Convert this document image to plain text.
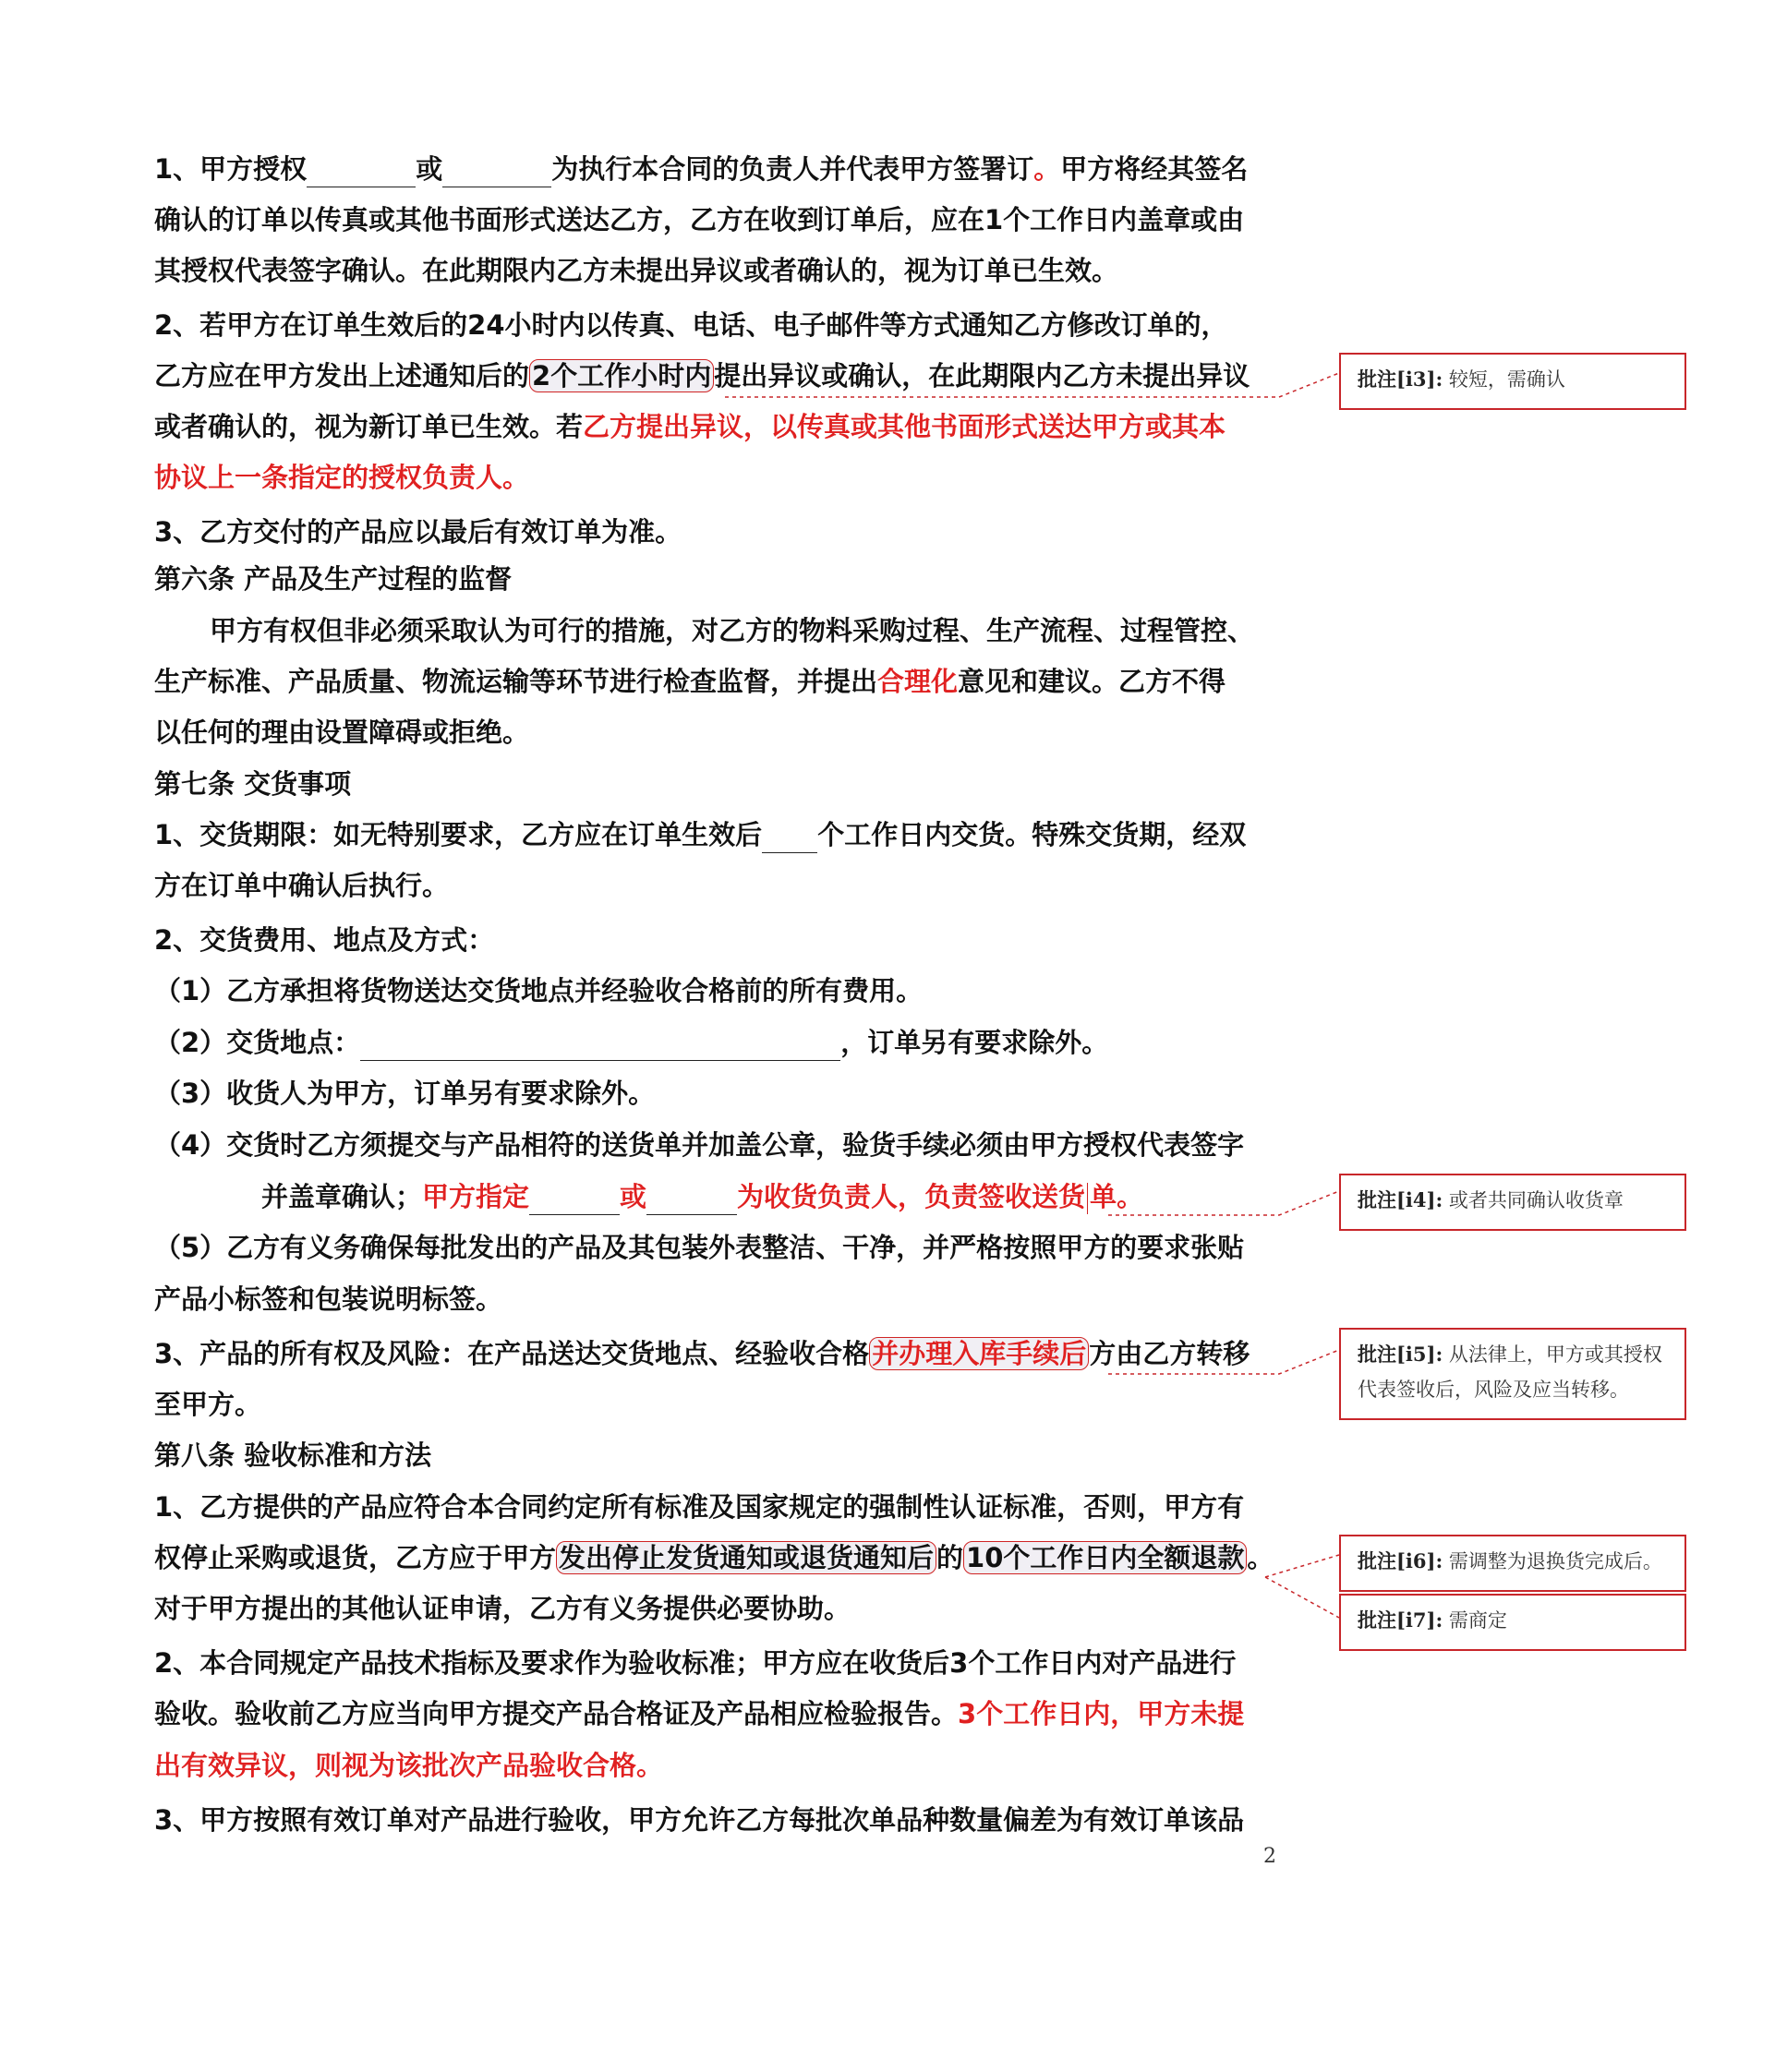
1、甲方授权	或	为执行本合同的负责人并代表甲方签署订。甲方将经其签名
确认的订单以传真或其他书面形式送达乙方，乙方在收到订单后，应在1个工作日内盖章或由
其授权代表签字确认。在此期限内乙方未提出异议或者确认的，视为订单已生效。
2、若甲方在订单生效后的24小时内以传真、电话、电子邮件等方式通知乙方修改订单的，
乙方应在甲方发出上述通知后的 2个工作小时内 提出异议或确认，在此期限内乙方未提出异议
或者确认的，视为新订单已生效。若乙方提出异议，以传真或其他书面形式送达甲方或其本
协议上一条指定的授权负责人。
3、乙方交付的产品应以最后有效订单为准。
第六条 产品及生产过程的监督
甲方有权但非必须采取认为可行的措施，对乙方的物料采购过程、生产流程、过程管控、
生产标准、产品质量、物流运输等环节进行检查监督，并提出合理化意见和建议。乙方不得
以任何的理由设置障碍或拒绝。
第七条 交货事项
1、交货期限：如无特别要求，乙方应在订单生效后 个工作日内交货。特殊交货期，经双
方在订单中确认后执行。
2、交货费用、地点及方式：
（1）乙方承担将货物送达交货地点并经验收合格前的所有费用。
（2）交货地点：	，订单另有要求除外。
（3）收货人为甲方，订单另有要求除外。
（4）交货时乙方须提交与产品相符的送货单并加盖公章，验货手续必须由甲方授权代表签字
并盖章确认；甲方指定	或	为收货负责人，负责签收送货 单。
（5）乙方有义务确保每批发出的产品及其包装外表整洁、干净，并严格按照甲方的要求张贴
产品小标签和包装说明标签。
3、产品的所有权及风险：在产品送达交货地点、经验收合格 并办理入库手续后 方由乙方转移
至甲方。
第八条 验收标准和方法
1、乙方提供的产品应符合本合同约定所有标准及国家规定的强制性认证标准，否则，甲方有
权停止采购或退货，乙方应于甲方 发出停止发货通知或退货通知后 的 10个工作日内全额退款 。
对于甲方提出的其他认证申请，乙方有义务提供必要协助。
2、本合同规定产品技术指标及要求作为验收标准；甲方应在收货后3个工作日内对产品进行
验收。验收前乙方应当向甲方提交产品合格证及产品相应检验报告。3个工作日内，甲方未提
出有效异议，则视为该批次产品验收合格。
3、甲方按照有效订单对产品进行验收，甲方允许乙方每批次单品种数量偏差为有效订单该品
2
批注[i3]: 较短，需确认
批注[i4]: 或者共同确认收货章
批注[i5]: 从法律上，甲方或其授权代表签收后，风险及应当转移。
批注[i6]: 需调整为退换货完成后。
批注[i7]: 需商定
